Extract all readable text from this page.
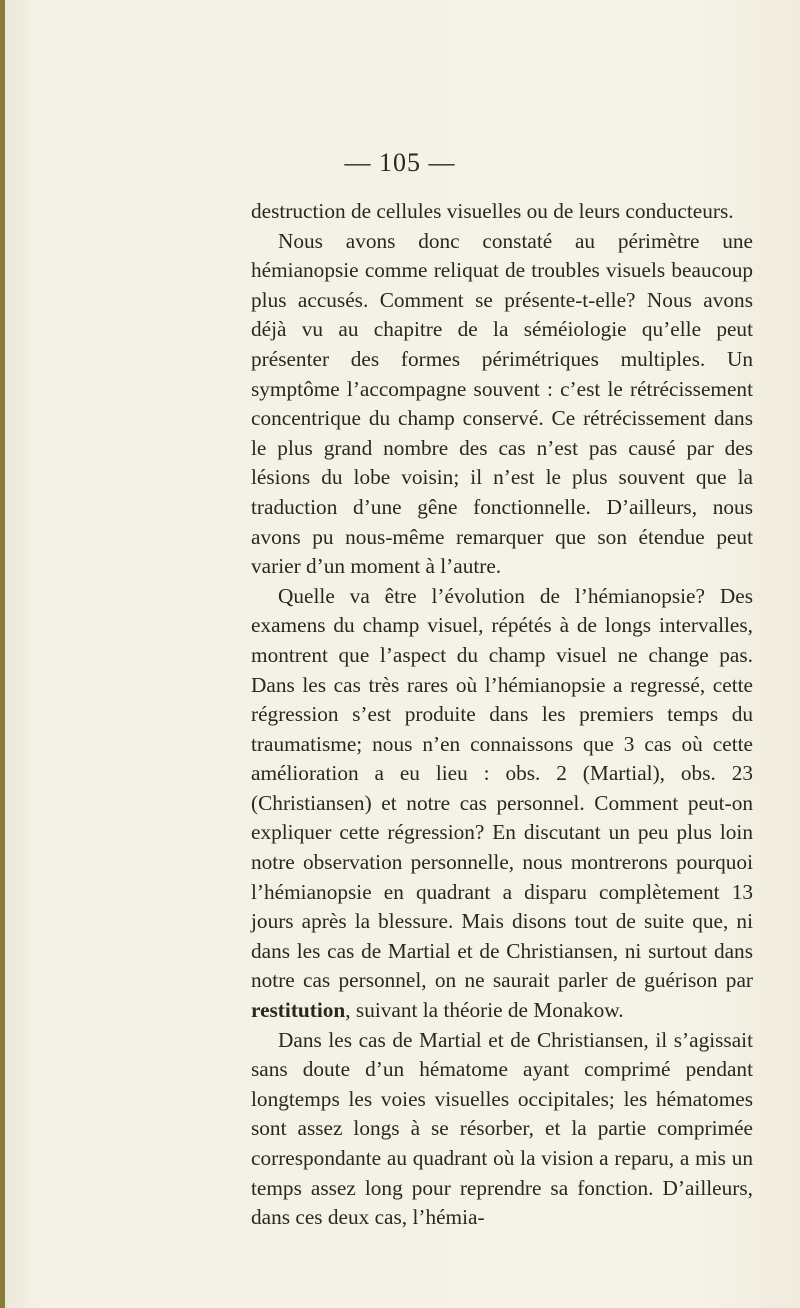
— 105 —

destruction de cellules visuelles ou de leurs conducteurs.

Nous avons donc constaté au périmètre une hémianopsie comme reliquat de troubles visuels beaucoup plus accusés. Comment se présente-t-elle? Nous avons déjà vu au chapitre de la séméiologie qu’elle peut présenter des formes périmétriques multiples. Un symptôme l’accompagne souvent : c’est le rétrécissement concentrique du champ conservé. Ce rétrécissement dans le plus grand nombre des cas n’est pas causé par des lésions du lobe voisin; il n’est le plus souvent que la traduction d’une gêne fonctionnelle. D’ailleurs, nous avons pu nous-même remarquer que son étendue peut varier d’un moment à l’autre.

Quelle va être l’évolution de l’hémianopsie? Des examens du champ visuel, répétés à de longs intervalles, montrent que l’aspect du champ visuel ne change pas. Dans les cas très rares où l’hémianopsie a regressé, cette régression s’est produite dans les premiers temps du traumatisme; nous n’en connaissons que 3 cas où cette amélioration a eu lieu : obs. 2 (Martial), obs. 23 (Christiansen) et notre cas personnel. Comment peut-on expliquer cette régression? En discutant un peu plus loin notre observation personnelle, nous montrerons pourquoi l’hémianopsie en quadrant a disparu complètement 13 jours après la blessure. Mais disons tout de suite que, ni dans les cas de Martial et de Christiansen, ni surtout dans notre cas personnel, on ne saurait parler de guérison par restitution, suivant la théorie de Monakow.

Dans les cas de Martial et de Christiansen, il s’agissait sans doute d’un hématome ayant comprimé pendant longtemps les voies visuelles occipitales; les hématomes sont assez longs à se résorber, et la partie comprimée correspondante au quadrant où la vision a reparu, a mis un temps assez long pour reprendre sa fonction. D’ailleurs, dans ces deux cas, l’hémia-
